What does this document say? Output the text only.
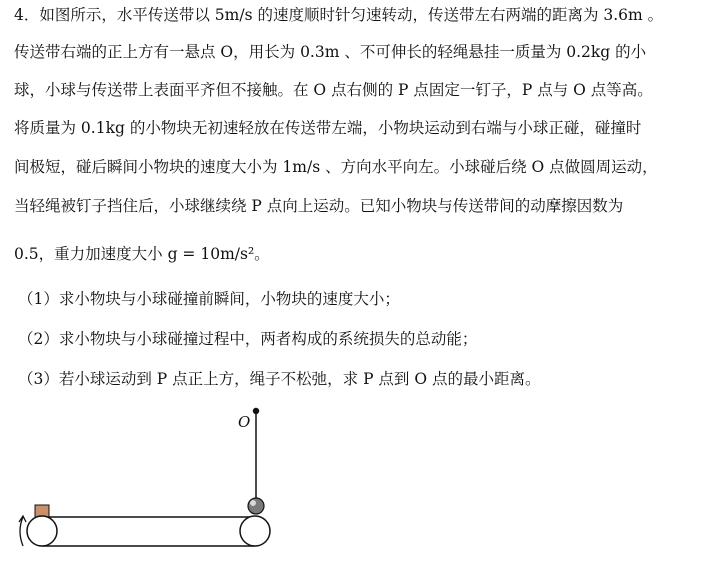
4．如图所示，水平传送带以 5m/s 的速度顺时针匀速转动，传送带左右两端的距离为 3.6m 。
传送带右端的正上方有一悬点 O，用长为 0.3m 、不可伸长的轻绳悬挂一质量为 0.2kg 的小
球，小球与传送带上表面平齐但不接触。在 O 点右侧的 P 点固定一钉子，P 点与 O 点等高。
将质量为 0.1kg 的小物块无初速轻放在传送带左端，小物块运动到右端与小球正碰，碰撞时
间极短，碰后瞬间小物块的速度大小为 1m/s 、方向水平向左。小球碰后绕 O 点做圆周运动，
当轻绳被钉子挡住后，小球继续绕 P 点向上运动。已知小物块与传送带间的动摩擦因数为
0.5，重力加速度大小 g = 10m/s²。
（1）求小物块与小球碰撞前瞬间，小物块的速度大小；
（2）求小物块与小球碰撞过程中，两者构成的系统损失的总动能；
（3）若小球运动到 P 点正上方，绳子不松弛，求 P 点到 O 点的最小距离。
O
